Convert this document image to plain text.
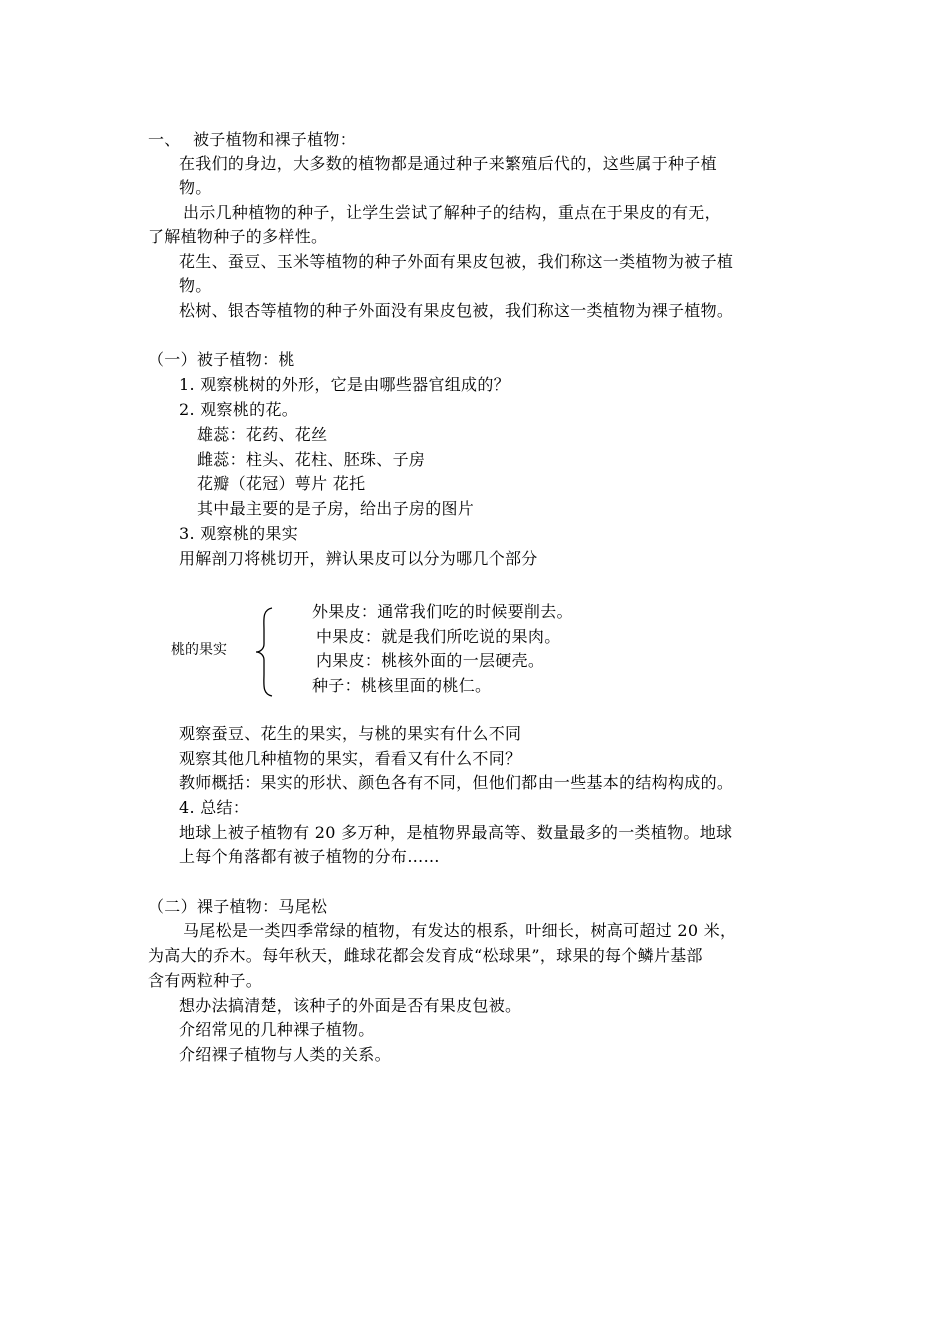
一、 被子植物和裸子植物：
在我们的身边，大多数的植物都是通过种子来繁殖后代的，这些属于种子植
物。
出示几种植物的种子，让学生尝试了解种子的结构，重点在于果皮的有无，
了解植物种子的多样性。
花生、蚕豆、玉米等植物的种子外面有果皮包被，我们称这一类植物为被子植
物。
松树、银杏等植物的种子外面没有果皮包被，我们称这一类植物为裸子植物。
（一）被子植物：桃
1. 观察桃树的外形，它是由哪些器官组成的？
2. 观察桃的花。
雄蕊：花药、花丝
雌蕊：柱头、花柱、胚珠、子房
花瓣（花冠）萼片 花托
其中最主要的是子房，给出子房的图片
3. 观察桃的果实
用解剖刀将桃切开，辨认果皮可以分为哪几个部分
桃的果实
外果皮：通常我们吃的时候要削去。
中果皮：就是我们所吃说的果肉。
内果皮：桃核外面的一层硬壳。
种子：桃核里面的桃仁。
观察蚕豆、花生的果实，与桃的果实有什么不同
观察其他几种植物的果实，看看又有什么不同？
教师概括：果实的形状、颜色各有不同，但他们都由一些基本的结构构成的。
4. 总结：
地球上被子植物有 20 多万种，是植物界最高等、数量最多的一类植物。地球
上每个角落都有被子植物的分布……
（二）裸子植物：马尾松
马尾松是一类四季常绿的植物，有发达的根系，叶细长，树高可超过 20 米，
为高大的乔木。每年秋天，雌球花都会发育成“松球果”，球果的每个鳞片基部
含有两粒种子。
想办法搞清楚，该种子的外面是否有果皮包被。
介绍常见的几种裸子植物。
介绍裸子植物与人类的关系。
